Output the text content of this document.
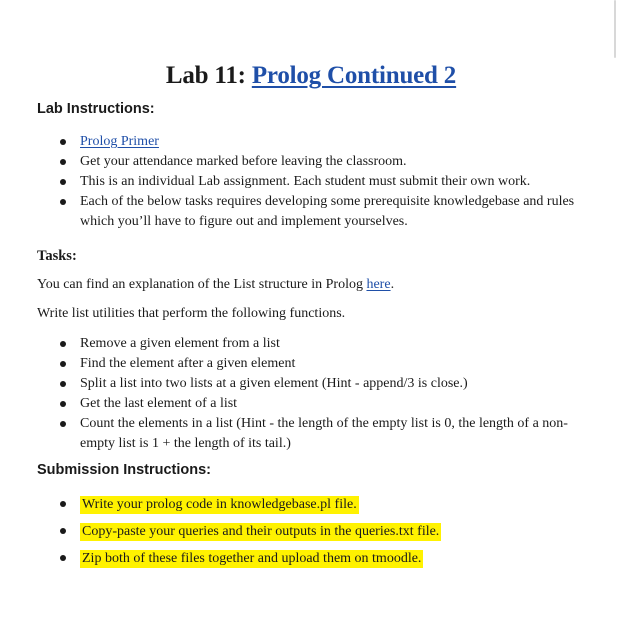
Lab 11: Prolog Continued 2
Lab Instructions:
Prolog Primer
Get your attendance marked before leaving the classroom.
This is an individual Lab assignment. Each student must submit their own work.
Each of the below tasks requires developing some prerequisite knowledgebase and rules which you’ll have to figure out and implement yourselves.
Tasks:
You can find an explanation of the List structure in Prolog here.
Write list utilities that perform the following functions.
Remove a given element from a list
Find the element after a given element
Split a list into two lists at a given element (Hint - append/3 is close.)
Get the last element of a list
Count the elements in a list (Hint - the length of the empty list is 0, the length of a non-empty list is 1 + the length of its tail.)
Submission Instructions:
Write your prolog code in knowledgebase.pl file.
Copy-paste your queries and their outputs in the queries.txt file.
Zip both of these files together and upload them on tmoodle.
